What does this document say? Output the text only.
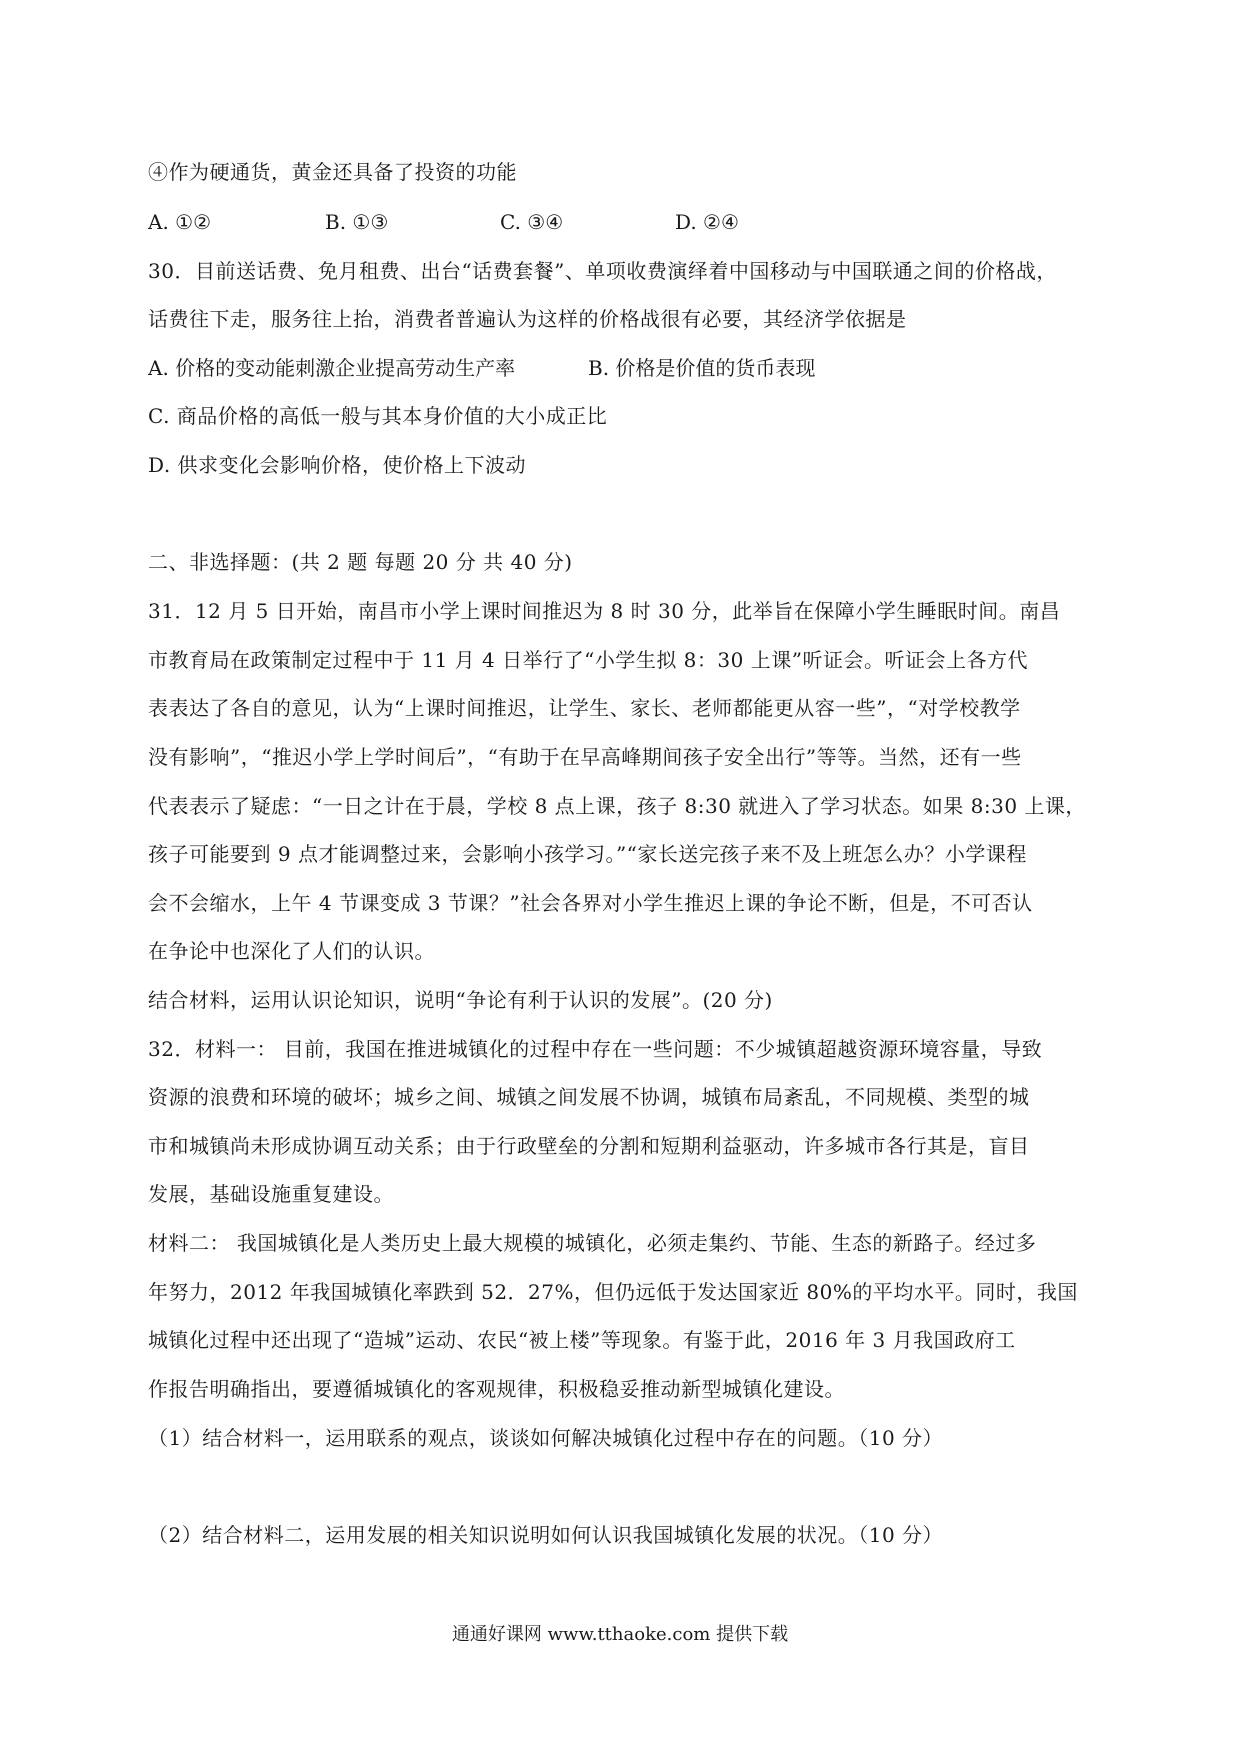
④作为硬通货，黄金还具备了投资的功能
A. ①②	B. ①③	C. ③④	D. ②④
30．目前送话费、免月租费、出台“话费套餐”、单项收费演绎着中国移动与中国联通之间的价格战，
话费往下走，服务往上抬，消费者普遍认为这样的价格战很有必要，其经济学依据是
A. 价格的变动能刺激企业提高劳动生产率	B. 价格是价值的货币表现
C. 商品价格的高低一般与其本身价值的大小成正比
D. 供求变化会影响价格，使价格上下波动
二、非选择题：(共 2 题 每题 20 分 共 40 分)
31．12 月 5 日开始，南昌市小学上课时间推迟为 8 时 30 分，此举旨在保障小学生睡眠时间。南昌
市教育局在政策制定过程中于 11 月 4 日举行了“小学生拟 8：30 上课”听证会。听证会上各方代
表表达了各自的意见，认为“上课时间推迟，让学生、家长、老师都能更从容一些”，“对学校教学
没有影响”，“推迟小学上学时间后”，“有助于在早高峰期间孩子安全出行”等等。当然，还有一些
代表表示了疑虑：“一日之计在于晨，学校 8 点上课，孩子 8:30 就进入了学习状态。如果 8:30 上课，
孩子可能要到 9 点才能调整过来，会影响小孩学习。”“家长送完孩子来不及上班怎么办？小学课程
会不会缩水，上午 4 节课变成 3 节课？”社会各界对小学生推迟上课的争论不断，但是，不可否认
在争论中也深化了人们的认识。
结合材料，运用认识论知识，说明“争论有利于认识的发展”。(20 分)
32．材料一： 目前，我国在推进城镇化的过程中存在一些问题：不少城镇超越资源环境容量，导致
资源的浪费和环境的破坏；城乡之间、城镇之间发展不协调，城镇布局紊乱，不同规模、类型的城
市和城镇尚未形成协调互动关系；由于行政壁垒的分割和短期利益驱动，许多城市各行其是，盲目
发展，基础设施重复建设。
材料二： 我国城镇化是人类历史上最大规模的城镇化，必须走集约、节能、生态的新路子。经过多
年努力，2012 年我国城镇化率跌到 52．27%，但仍远低于发达国家近 80%的平均水平。同时，我国
城镇化过程中还出现了“造城”运动、农民“被上楼”等现象。有鉴于此，2016 年 3 月我国政府工
作报告明确指出，要遵循城镇化的客观规律，积极稳妥推动新型城镇化建设。
（1）结合材料一，运用联系的观点，谈谈如何解决城镇化过程中存在的问题。（10 分）
（2）结合材料二，运用发展的相关知识说明如何认识我国城镇化发展的状况。（10 分）
通通好课网 www.tthaoke.com 提供下载
